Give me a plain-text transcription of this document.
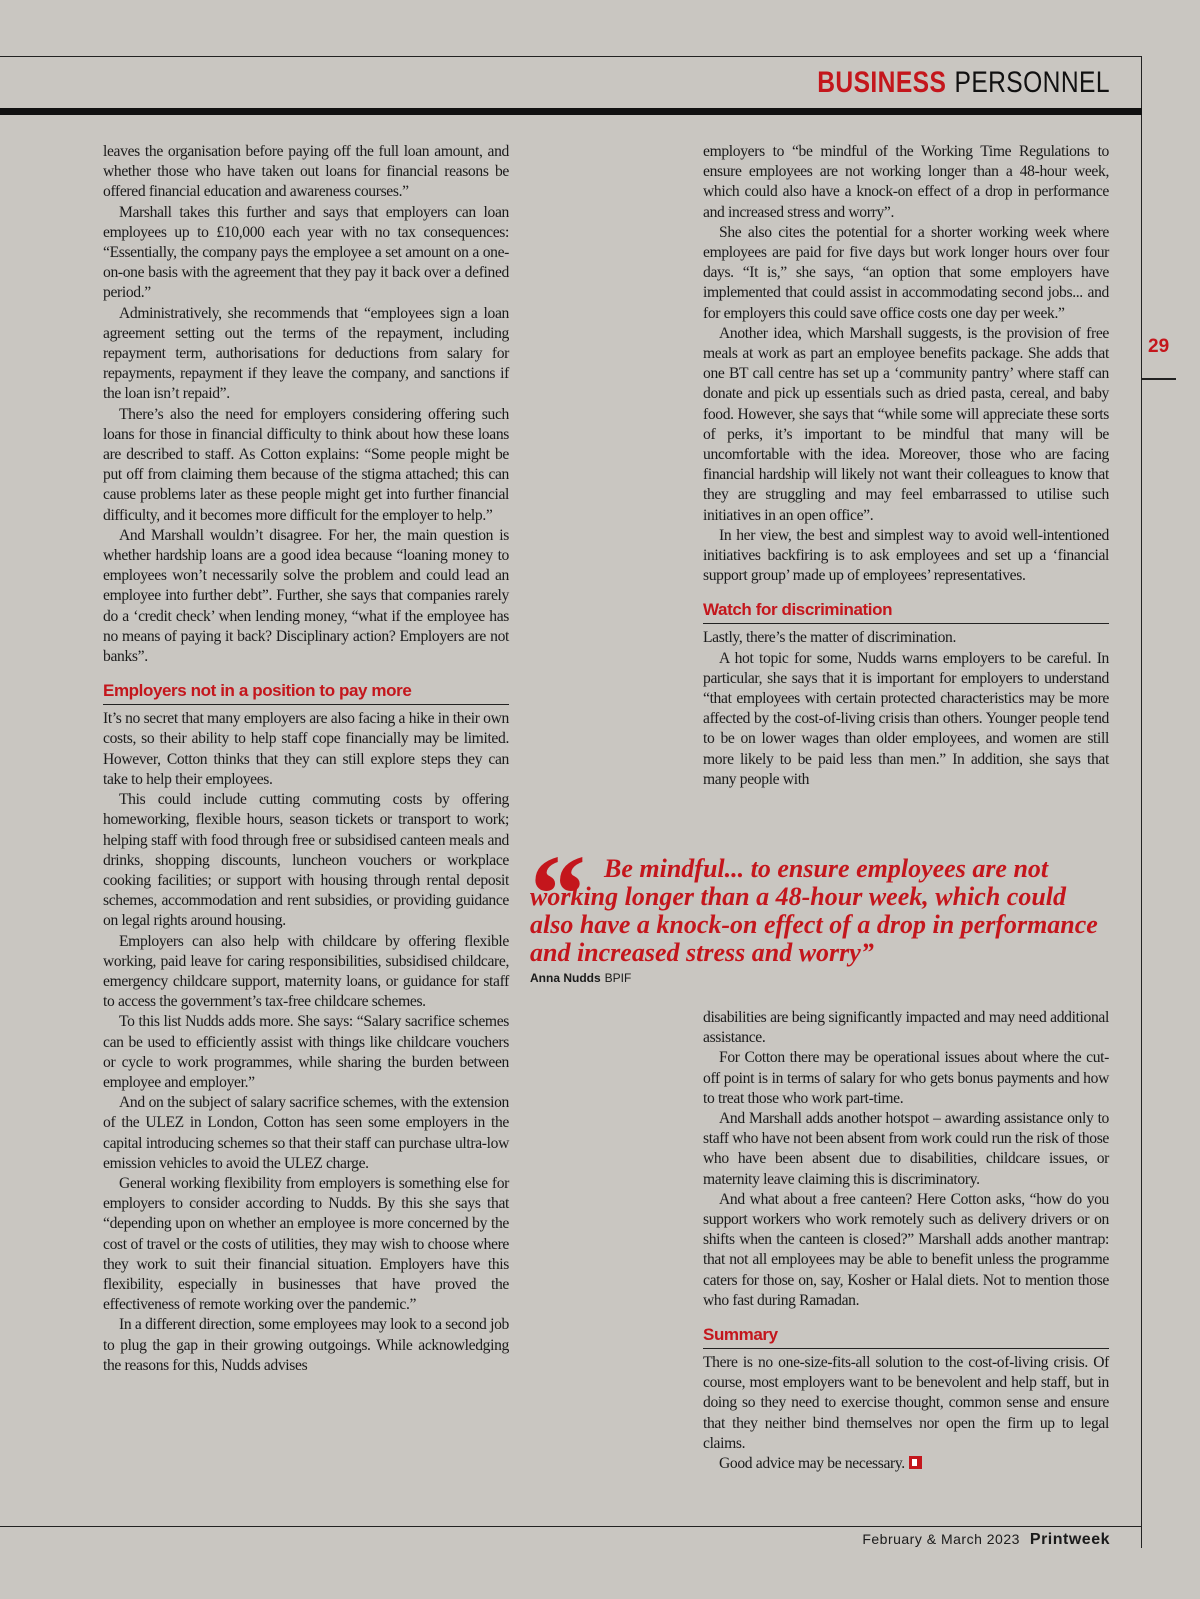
BUSINESS PERSONNEL
29

leaves the organisation before paying off the full loan amount, and whether those who have taken out loans for financial reasons be offered financial education and awareness courses.”

Marshall takes this further and says that employers can loan employees up to £10,000 each year with no tax consequences: “Essentially, the company pays the employee a set amount on a one-on-one basis with the agreement that they pay it back over a defined period.”

Administratively, she recommends that “employees sign a loan agreement setting out the terms of the repayment, including repayment term, authorisations for deductions from salary for repayments, repayment if they leave the company, and sanctions if the loan isn’t repaid”.

There’s also the need for employers considering offering such loans for those in financial difficulty to think about how these loans are described to staff. As Cotton explains: “Some people might be put off from claiming them because of the stigma attached; this can cause problems later as these people might get into further financial difficulty, and it becomes more difficult for the employer to help.”

And Marshall wouldn’t disagree. For her, the main question is whether hardship loans are a good idea because “loaning money to employees won’t necessarily solve the problem and could lead an employee into further debt”. Further, she says that companies rarely do a ‘credit check’ when lending money, “what if the employee has no means of paying it back? Disciplinary action? Employers are not banks”.

Employers not in a position to pay more

It’s no secret that many employers are also facing a hike in their own costs, so their ability to help staff cope financially may be limited. However, Cotton thinks that they can still explore steps they can take to help their employees.

This could include cutting commuting costs by offering homeworking, flexible hours, season tickets or transport to work; helping staff with food through free or subsidised canteen meals and drinks, shopping discounts, luncheon vouchers or workplace cooking facilities; or support with housing through rental deposit schemes, accommodation and rent subsidies, or providing guidance on legal rights around housing.

Employers can also help with childcare by offering flexible working, paid leave for caring responsibilities, subsidised childcare, emergency childcare support, maternity loans, or guidance for staff to access the government’s tax-free childcare schemes.

To this list Nudds adds more. She says: “Salary sacrifice schemes can be used to efficiently assist with things like childcare vouchers or cycle to work programmes, while sharing the burden between employee and employer.”

And on the subject of salary sacrifice schemes, with the extension of the ULEZ in London, Cotton has seen some employers in the capital introducing schemes so that their staff can purchase ultra-low emission vehicles to avoid the ULEZ charge.

General working flexibility from employers is something else for employers to consider according to Nudds. By this she says that “depending upon on whether an employee is more concerned by the cost of travel or the costs of utilities, they may wish to choose where they work to suit their financial situation. Employers have this flexibility, especially in businesses that have proved the effectiveness of remote working over the pandemic.”

In a different direction, some employees may look to a second job to plug the gap in their growing outgoings. While acknowledging the reasons for this, Nudds advises

employers to “be mindful of the Working Time Regulations to ensure employees are not working longer than a 48-hour week, which could also have a knock-on effect of a drop in performance and increased stress and worry”.

She also cites the potential for a shorter working week where employees are paid for five days but work longer hours over four days. “It is,” she says, “an option that some employers have implemented that could assist in accommodating second jobs... and for employers this could save office costs one day per week.”

Another idea, which Marshall suggests, is the provision of free meals at work as part an employee benefits package. She adds that one BT call centre has set up a ‘community pantry’ where staff can donate and pick up essentials such as dried pasta, cereal, and baby food. However, she says that “while some will appreciate these sorts of perks, it’s important to be mindful that many will be uncomfortable with the idea. Moreover, those who are facing financial hardship will likely not want their colleagues to know that they are struggling and may feel embarrassed to utilise such initiatives in an open office”.

In her view, the best and simplest way to avoid well-intentioned initiatives backfiring is to ask employees and set up a ‘financial support group’ made up of employees’ representatives.

Watch for discrimination

Lastly, there’s the matter of discrimination.

A hot topic for some, Nudds warns employers to be careful. In particular, she says that it is important for employers to understand “that employees with certain protected characteristics may be more affected by the cost-of-living crisis than others. Younger people tend to be on lower wages than older employees, and women are still more likely to be paid less than men.” In addition, she says that many people with

“ Be mindful... to ensure employees are not working longer than a 48-hour week, which could also have a knock-on effect of a drop in performance and increased stress and worry”

Anna Nudds BPIF

disabilities are being significantly impacted and may need additional assistance.

For Cotton there may be operational issues about where the cut-off point is in terms of salary for who gets bonus payments and how to treat those who work part-time.

And Marshall adds another hotspot – awarding assistance only to staff who have not been absent from work could run the risk of those who have been absent due to disabilities, childcare issues, or maternity leave claiming this is discriminatory.

And what about a free canteen? Here Cotton asks, “how do you support workers who work remotely such as delivery drivers or on shifts when the canteen is closed?” Marshall adds another mantrap: that not all employees may be able to benefit unless the programme caters for those on, say, Kosher or Halal diets. Not to mention those who fast during Ramadan.

Summary

There is no one-size-fits-all solution to the cost-of-living crisis. Of course, most employers want to be benevolent and help staff, but in doing so they need to exercise thought, common sense and ensure that they neither bind themselves nor open the firm up to legal claims.

Good advice may be necessary.

February & March 2023 Printweek
